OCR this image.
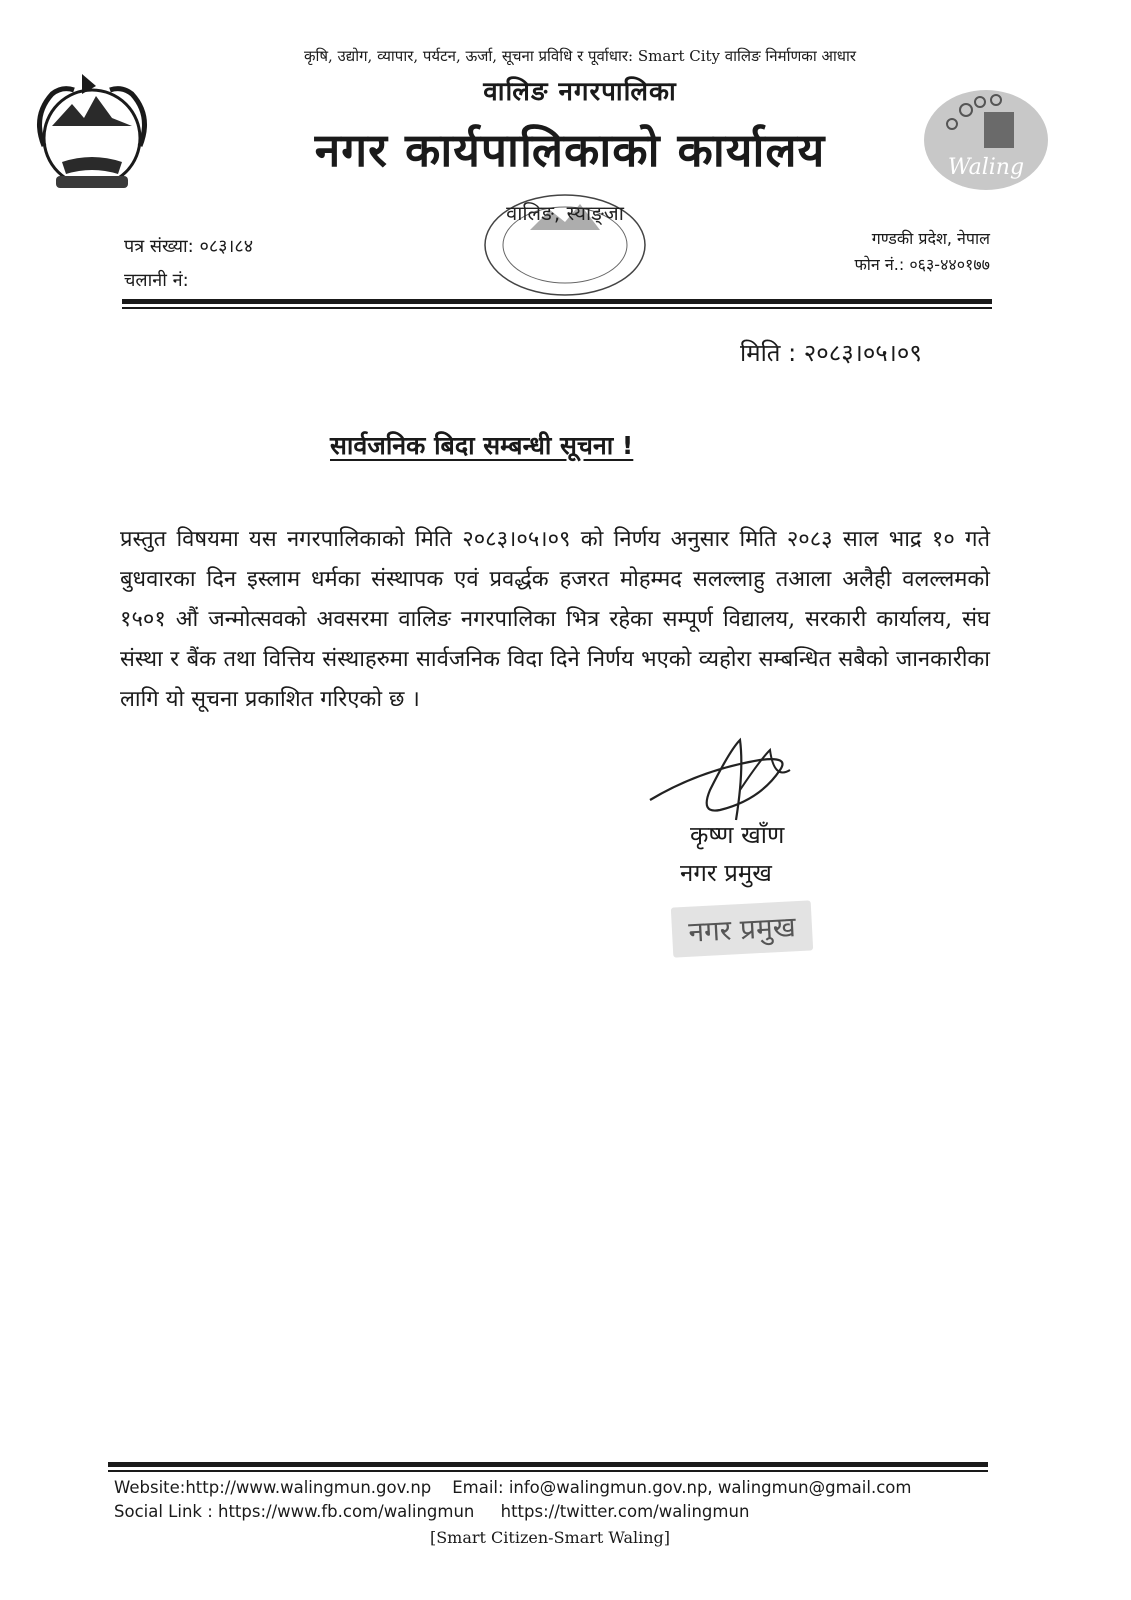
कृषि, उद्योग, व्यापार, पर्यटन, ऊर्जा, सूचना प्रविधि र पूर्वाधार: Smart City वालिङ निर्माणका आधार
वालिङ नगरपालिका
नगर कार्यपालिकाको कार्यालय	Waling
वालिङ, स्याङ्जा
पत्र संख्या: ०८३।८४
चलानी नं:
गण्डकी प्रदेश, नेपाल
फोन नं.: ०६३-४४०१७७
मिति : २०८३।०५।०९
सार्वजनिक बिदा सम्बन्धी सूचना !
प्रस्तुत विषयमा यस नगरपालिकाको मिति २०८३।०५।०९ को निर्णय अनुसार मिति २०८३ साल भाद्र १० गते बुधवारका दिन इस्लाम धर्मका संस्थापक एवं प्रवर्द्धक हजरत मोहम्मद सलल्लाहु तआला अलैही वलल्लमको १५०१ औं जन्मोत्सवको अवसरमा वालिङ नगरपालिका भित्र रहेका सम्पूर्ण विद्यालय, सरकारी कार्यालय, संघ संस्था र बैंक तथा वित्तिय संस्थाहरुमा सार्वजनिक विदा दिने निर्णय भएको व्यहोरा सम्बन्धित सबैको जानकारीका लागि यो सूचना प्रकाशित गरिएको छ ।
कृष्ण खाँण
नगर प्रमुख
नगर प्रमुख
Website:http://www.walingmun.gov.np    Email: info@walingmun.gov.np, walingmun@gmail.com
Social Link : https://www.fb.com/walingmun     https://twitter.com/walingmun
[Smart Citizen-Smart Waling]
